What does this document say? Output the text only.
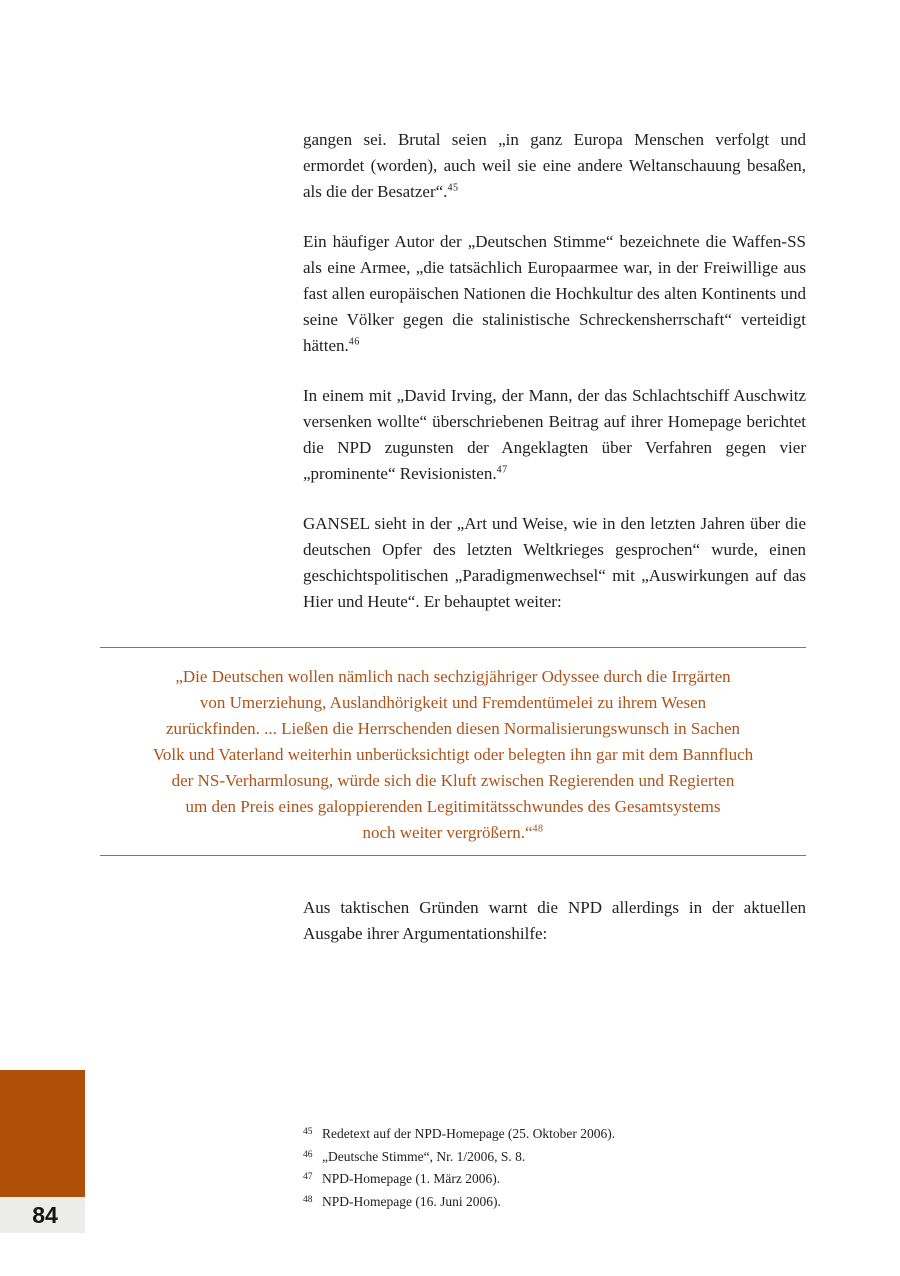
gangen sei. Brutal seien „in ganz Europa Menschen verfolgt und ermordet (worden), auch weil sie eine andere Weltanschauung besaßen, als die der Besatzer“.$^{45}$

Ein häufiger Autor der „Deutschen Stimme“ bezeichnete die Waffen-SS als eine Armee, „die tatsächlich Europaarmee war, in der Freiwillige aus fast allen europäischen Nationen die Hochkultur des alten Kontinents und seine Völker gegen die stalinistische Schreckensherrschaft“ verteidigt hätten.$^{46}$

In einem mit „David Irving, der Mann, der das Schlachtschiff Auschwitz versenken wollte“ überschriebenen Beitrag auf ihrer Homepage berichtet die NPD zugunsten der Angeklagten über Verfahren gegen vier „prominente“ Revisionisten.$^{47}$

GANSEL sieht in der „Art und Weise, wie in den letzten Jahren über die deutschen Opfer des letzten Weltkrieges gesprochen“ wurde, einen geschichtspolitischen „Paradigmenwechsel“ mit „Auswirkungen auf das Hier und Heute“. Er behauptet weiter:

„Die Deutschen wollen nämlich nach sechzigjähriger Odyssee durch die Irrgärten
von Umerziehung, Auslandhörigkeit und Fremdentümelei zu ihrem Wesen
zurückfinden. ... Ließen die Herrschenden diesen Normalisierungswunsch in Sachen
Volk und Vaterland weiterhin unberücksichtigt oder belegten ihn gar mit dem Bannfluch
der NS-Verharmlosung, würde sich die Kluft zwischen Regierenden und Regierten
um den Preis eines galoppierenden Legitimitätsschwundes des Gesamtsystems
noch weiter vergrößern.“$^{48}$

Aus taktischen Gründen warnt die NPD allerdings in der aktuellen Ausgabe ihrer Argumentationshilfe:

$^{45}$ Redetext auf der NPD-Homepage (25. Oktober 2006).
$^{46}$ „Deutsche Stimme“, Nr. 1/2006, S. 8.
$^{47}$ NPD-Homepage (1. März 2006).
$^{48}$ NPD-Homepage (16. Juni 2006).
84
